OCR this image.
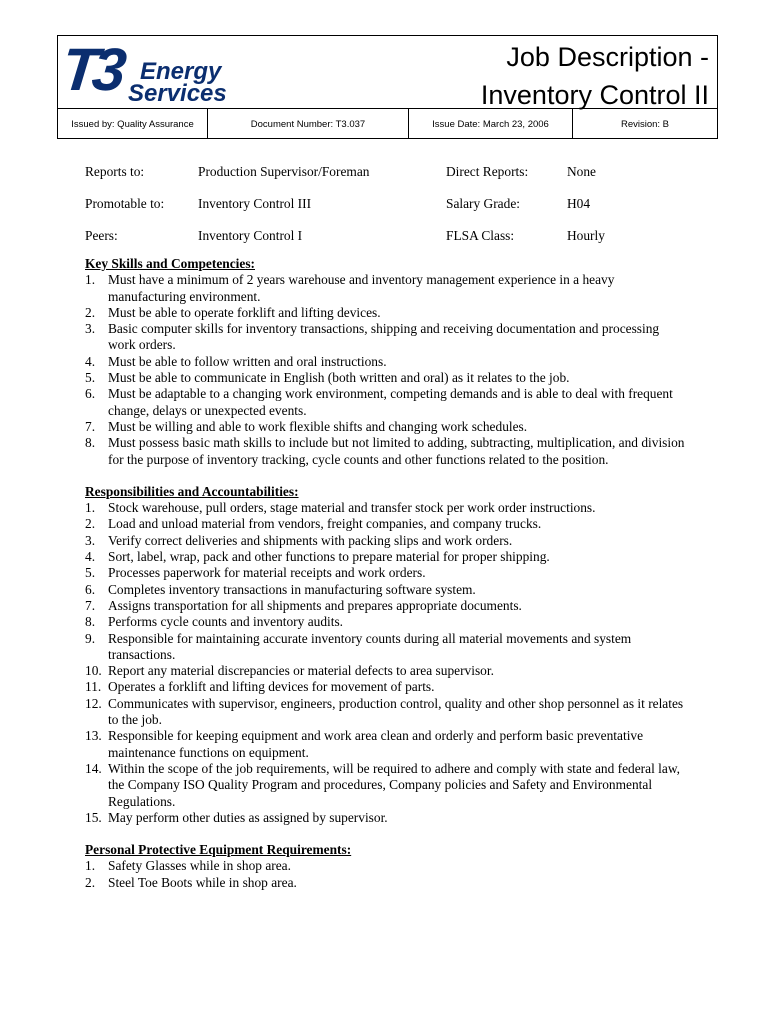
T3 Energy
Services
Job Description -
Inventory Control II
Issued by: Quality Assurance	Document Number: T3.037	Issue Date: March 23, 2006	Revision: B
Reports to:	Production Supervisor/Foreman	Direct Reports:	None
Promotable to:	Inventory Control III	Salary Grade:	H04
Peers:	Inventory Control I	FLSA Class:	Hourly
Key Skills and Competencies:
1. Must have a minimum of 2 years warehouse and inventory management experience in a heavy manufacturing environment.
2. Must be able to operate forklift and lifting devices.
3. Basic computer skills for inventory transactions, shipping and receiving documentation and processing work orders.
4. Must be able to follow written and oral instructions.
5. Must be able to communicate in English (both written and oral) as it relates to the job.
6. Must be adaptable to a changing work environment, competing demands and is able to deal with frequent change, delays or unexpected events.
7. Must be willing and able to work flexible shifts and changing work schedules.
8. Must possess basic math skills to include but not limited to adding, subtracting, multiplication, and division for the purpose of inventory tracking, cycle counts and other functions related to the position.
Responsibilities and Accountabilities:
1. Stock warehouse, pull orders, stage material and transfer stock per work order instructions.
2. Load and unload material from vendors, freight companies, and company trucks.
3. Verify correct deliveries and shipments with packing slips and work orders.
4. Sort, label, wrap, pack and other functions to prepare material for proper shipping.
5. Processes paperwork for material receipts and work orders.
6. Completes inventory transactions in manufacturing software system.
7. Assigns transportation for all shipments and prepares appropriate documents.
8. Performs cycle counts and inventory audits.
9. Responsible for maintaining accurate inventory counts during all material movements and system transactions.
10. Report any material discrepancies or material defects to area supervisor.
11. Operates a forklift and lifting devices for movement of parts.
12. Communicates with supervisor, engineers, production control, quality and other shop personnel as it relates to the job.
13. Responsible for keeping equipment and work area clean and orderly and perform basic preventative maintenance functions on equipment.
14. Within the scope of the job requirements, will be required to adhere and comply with state and federal law, the Company ISO Quality Program and procedures, Company policies and Safety and Environmental Regulations.
15. May perform other duties as assigned by supervisor.
Personal Protective Equipment Requirements:
1. Safety Glasses while in shop area.
2. Steel Toe Boots while in shop area.
